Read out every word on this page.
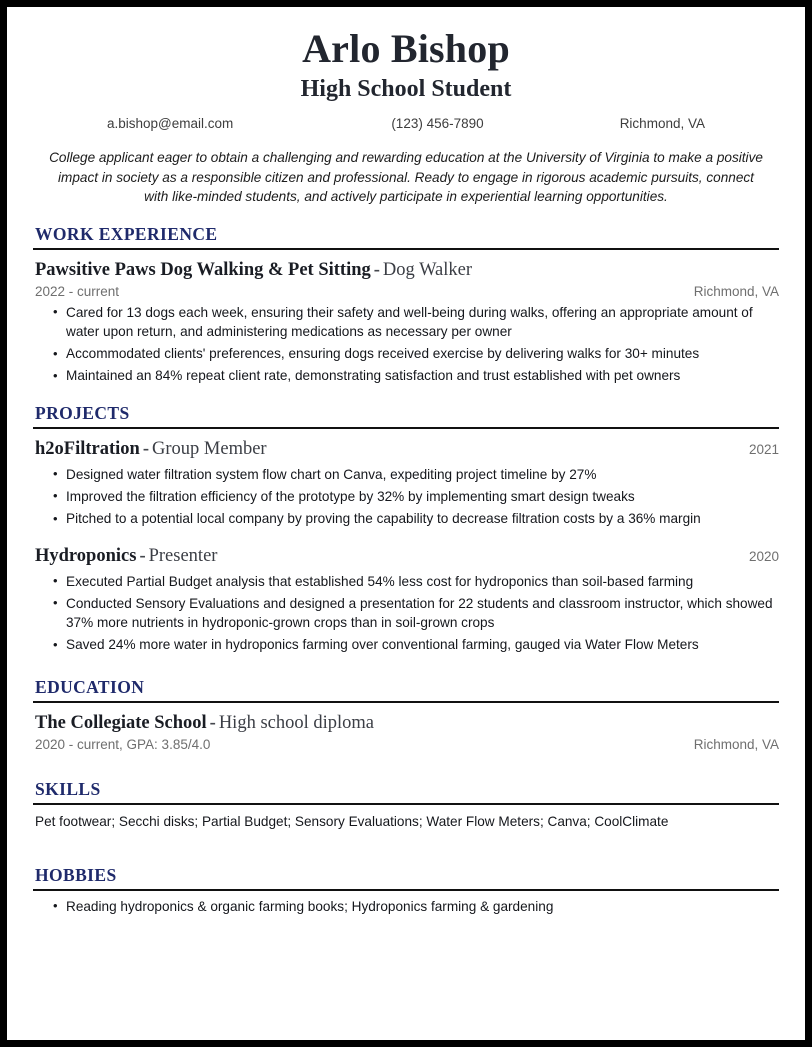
Arlo Bishop
High School Student
a.bishop@email.com	(123) 456-7890	Richmond, VA
College applicant eager to obtain a challenging and rewarding education at the University of Virginia to make a positive impact in society as a responsible citizen and professional. Ready to engage in rigorous academic pursuits, connect with like-minded students, and actively participate in experiential learning opportunities.
WORK EXPERIENCE
Pawsitive Paws Dog Walking & Pet Sitting - Dog Walker
2022 - current	Richmond, VA
• Cared for 13 dogs each week, ensuring their safety and well-being during walks, offering an appropriate amount of water upon return, and administering medications as necessary per owner
• Accommodated clients' preferences, ensuring dogs received exercise by delivering walks for 30+ minutes
• Maintained an 84% repeat client rate, demonstrating satisfaction and trust established with pet owners
PROJECTS
h2oFiltration - Group Member	2021
• Designed water filtration system flow chart on Canva, expediting project timeline by 27%
• Improved the filtration efficiency of the prototype by 32% by implementing smart design tweaks
• Pitched to a potential local company by proving the capability to decrease filtration costs by a 36% margin
Hydroponics - Presenter	2020
• Executed Partial Budget analysis that established 54% less cost for hydroponics than soil-based farming
• Conducted Sensory Evaluations and designed a presentation for 22 students and classroom instructor, which showed 37% more nutrients in hydroponic-grown crops than in soil-grown crops
• Saved 24% more water in hydroponics farming over conventional farming, gauged via Water Flow Meters
EDUCATION
The Collegiate School - High school diploma
2020 - current, GPA: 3.85/4.0	Richmond, VA
SKILLS
Pet footwear; Secchi disks; Partial Budget; Sensory Evaluations; Water Flow Meters; Canva; CoolClimate
HOBBIES
• Reading hydroponics & organic farming books; Hydroponics farming & gardening
